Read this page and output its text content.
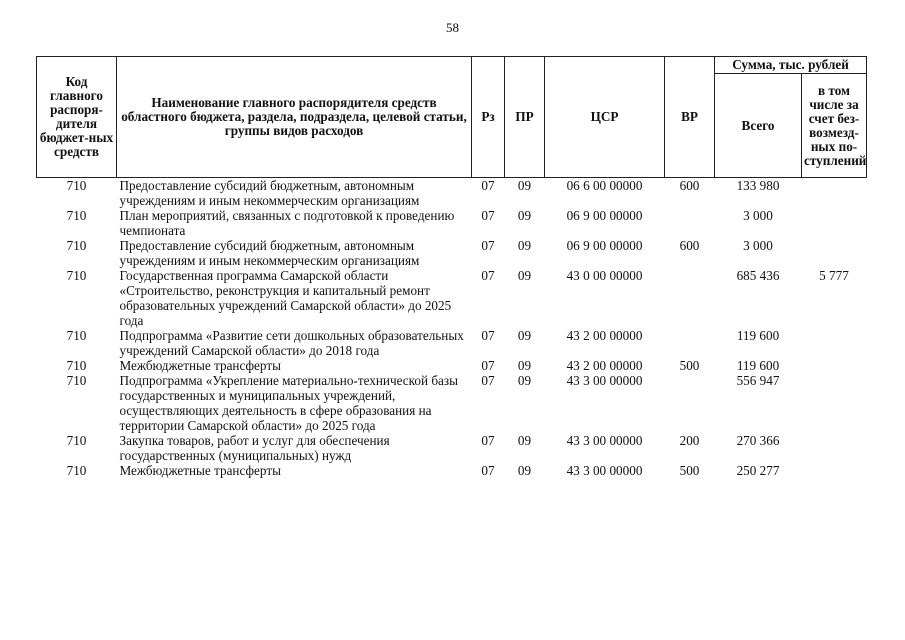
58
Код главного распоря-дителя бюджет-ных средств	Наименование главного распорядителя средств областного бюджета, раздела, подраздела, целевой статьи, группы видов расходов	Рз	ПР	ЦСР	ВР	Сумма, тыс. рублей	
						Всего	в том числе за счет без-возмезд-ных по-ступлений
710	Предоставление субсидий бюджетным, автономным учреждениям и иным некоммерческим организациям	07	09	06 6 00 00000	600	133 980	
710	План мероприятий, связанных с подготовкой к проведению чемпионата	07	09	06 9 00 00000		3 000	
710	Предоставление субсидий бюджетным, автономным учреждениям и иным некоммерческим организациям	07	09	06 9 00 00000	600	3 000	
710	Государственная программа Самарской области «Строительство, реконструкция и капитальный ремонт образовательных учреждений Самарской области» до 2025 года	07	09	43 0 00 00000		685 436	5 777
710	Подпрограмма «Развитие сети дошкольных образовательных учреждений Самарской области» до 2018 года	07	09	43 2 00 00000		119 600	
710	Межбюджетные трансферты	07	09	43 2 00 00000	500	119 600	
710	Подпрограмма «Укрепление материально-технической базы государственных и муниципальных учреждений, осуществляющих деятельность в сфере образования на территории Самарской области» до 2025 года	07	09	43 3 00 00000		556 947	
710	Закупка товаров, работ и услуг для обеспечения государственных (муниципальных) нужд	07	09	43 3 00 00000	200	270 366	
710	Межбюджетные трансферты	07	09	43 3 00 00000	500	250 277	
